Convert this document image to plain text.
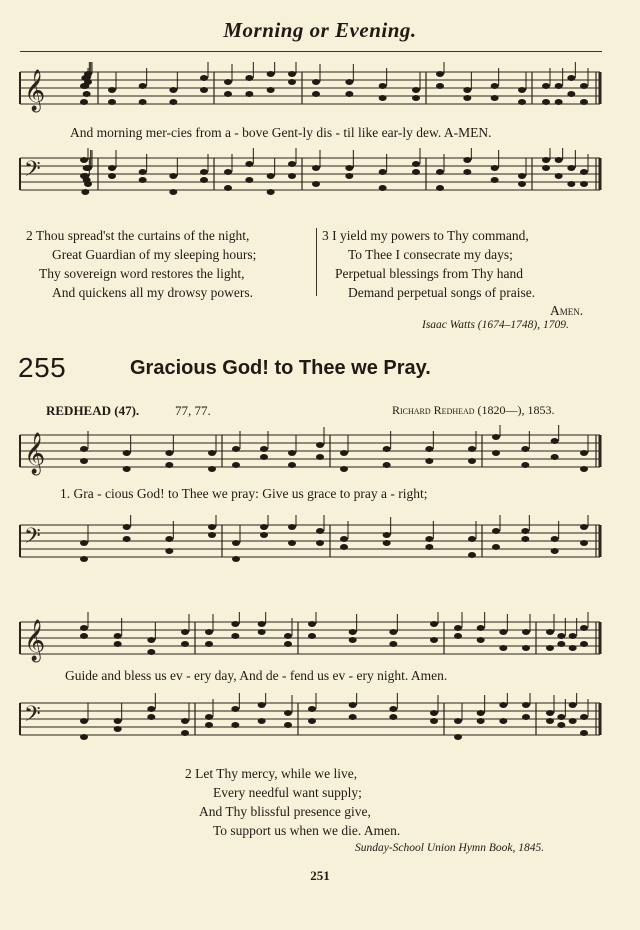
Morning or Evening.
𝄞
And morning mer-cies from a - bove Gent-ly dis - til like ear-ly dew. A-MEN.
𝄢
2 Thou spread'st the curtains of the night,
Great Guardian of my sleeping hours;
Thy sovereign word restores the light,
And quickens all my drowsy powers.
3 I yield my powers to Thy command,
To Thee I consecrate my days;
Perpetual blessings from Thy hand
Demand perpetual songs of praise.
Amen.
Isaac Watts (1674–1748), 1709.
255	Gracious God! to Thee we Pray.
REDHEAD (47).	77, 77.	Richard Redhead (1820—), 1853.
𝄞
1. Gra - cious God! to Thee we pray: Give us grace to pray a - right;
𝄢
𝄞
Guide and bless us ev - ery day, And de - fend us ev - ery night. Amen.
𝄢
2 Let Thy mercy, while we live,
Every needful want supply;
And Thy blissful presence give,
To support us when we die. Amen.
Sunday-School Union Hymn Book, 1845.
251
